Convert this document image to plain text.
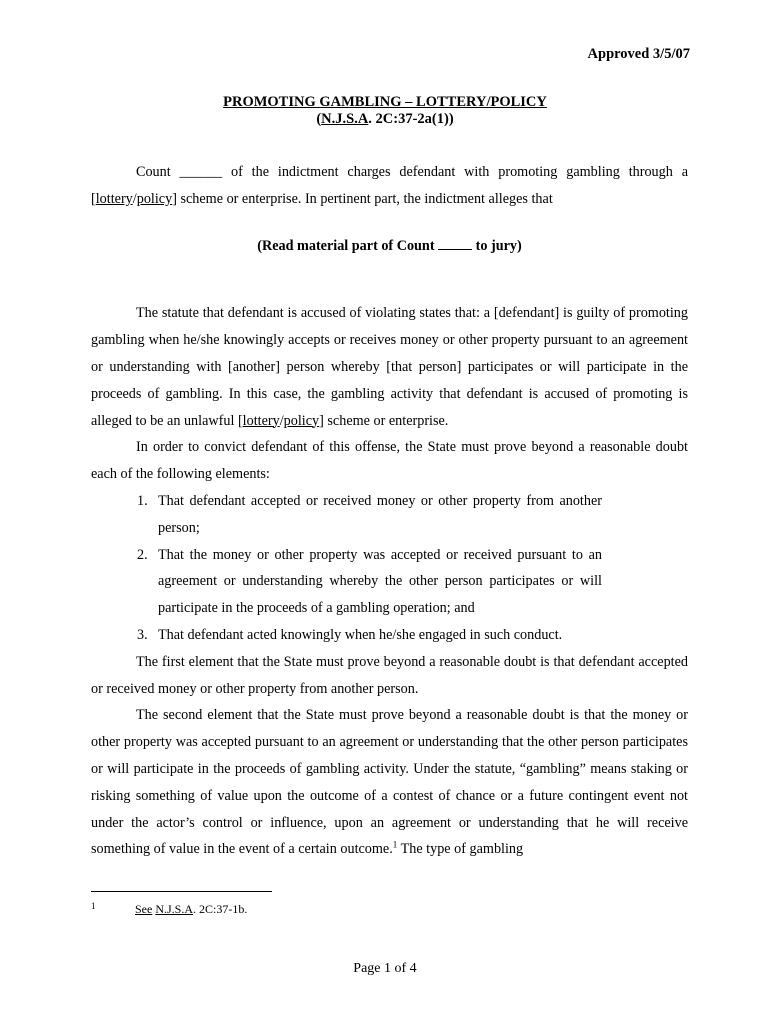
Approved 3/5/07
PROMOTING GAMBLING – LOTTERY/POLICY
(N.J.S.A. 2C:37-2a(1))

Count ______ of the indictment charges defendant with promoting gambling through a [lottery/policy] scheme or enterprise. In pertinent part, the indictment alleges that

(Read material part of Count  to jury)

The statute that defendant is accused of violating states that: a [defendant] is guilty of promoting gambling when he/she knowingly accepts or receives money or other property pursuant to an agreement or understanding with [another] person whereby [that person] participates or will participate in the proceeds of gambling. In this case, the gambling activity that defendant is accused of promoting is alleged to be an unlawful [lottery/policy] scheme or enterprise.

In order to convict defendant of this offense, the State must prove beyond a reasonable doubt each of the following elements:

1. That defendant accepted or received money or other property from another person;
2. That the money or other property was accepted or received pursuant to an agreement or understanding whereby the other person participates or will participate in the proceeds of a gambling operation; and
3. That defendant acted knowingly when he/she engaged in such conduct.

The first element that the State must prove beyond a reasonable doubt is that defendant accepted or received money or other property from another person.

The second element that the State must prove beyond a reasonable doubt is that the money or other property was accepted pursuant to an agreement or understanding that the other person participates or will participate in the proceeds of gambling activity. Under the statute, “gambling” means staking or risking something of value upon the outcome of a contest of chance or a future contingent event not under the actor’s control or influence, upon an agreement or understanding that he will receive something of value in the event of a certain outcome.$^1$ The type of gambling

1	See N.J.S.A. 2C:37-1b.
Page 1 of 4
